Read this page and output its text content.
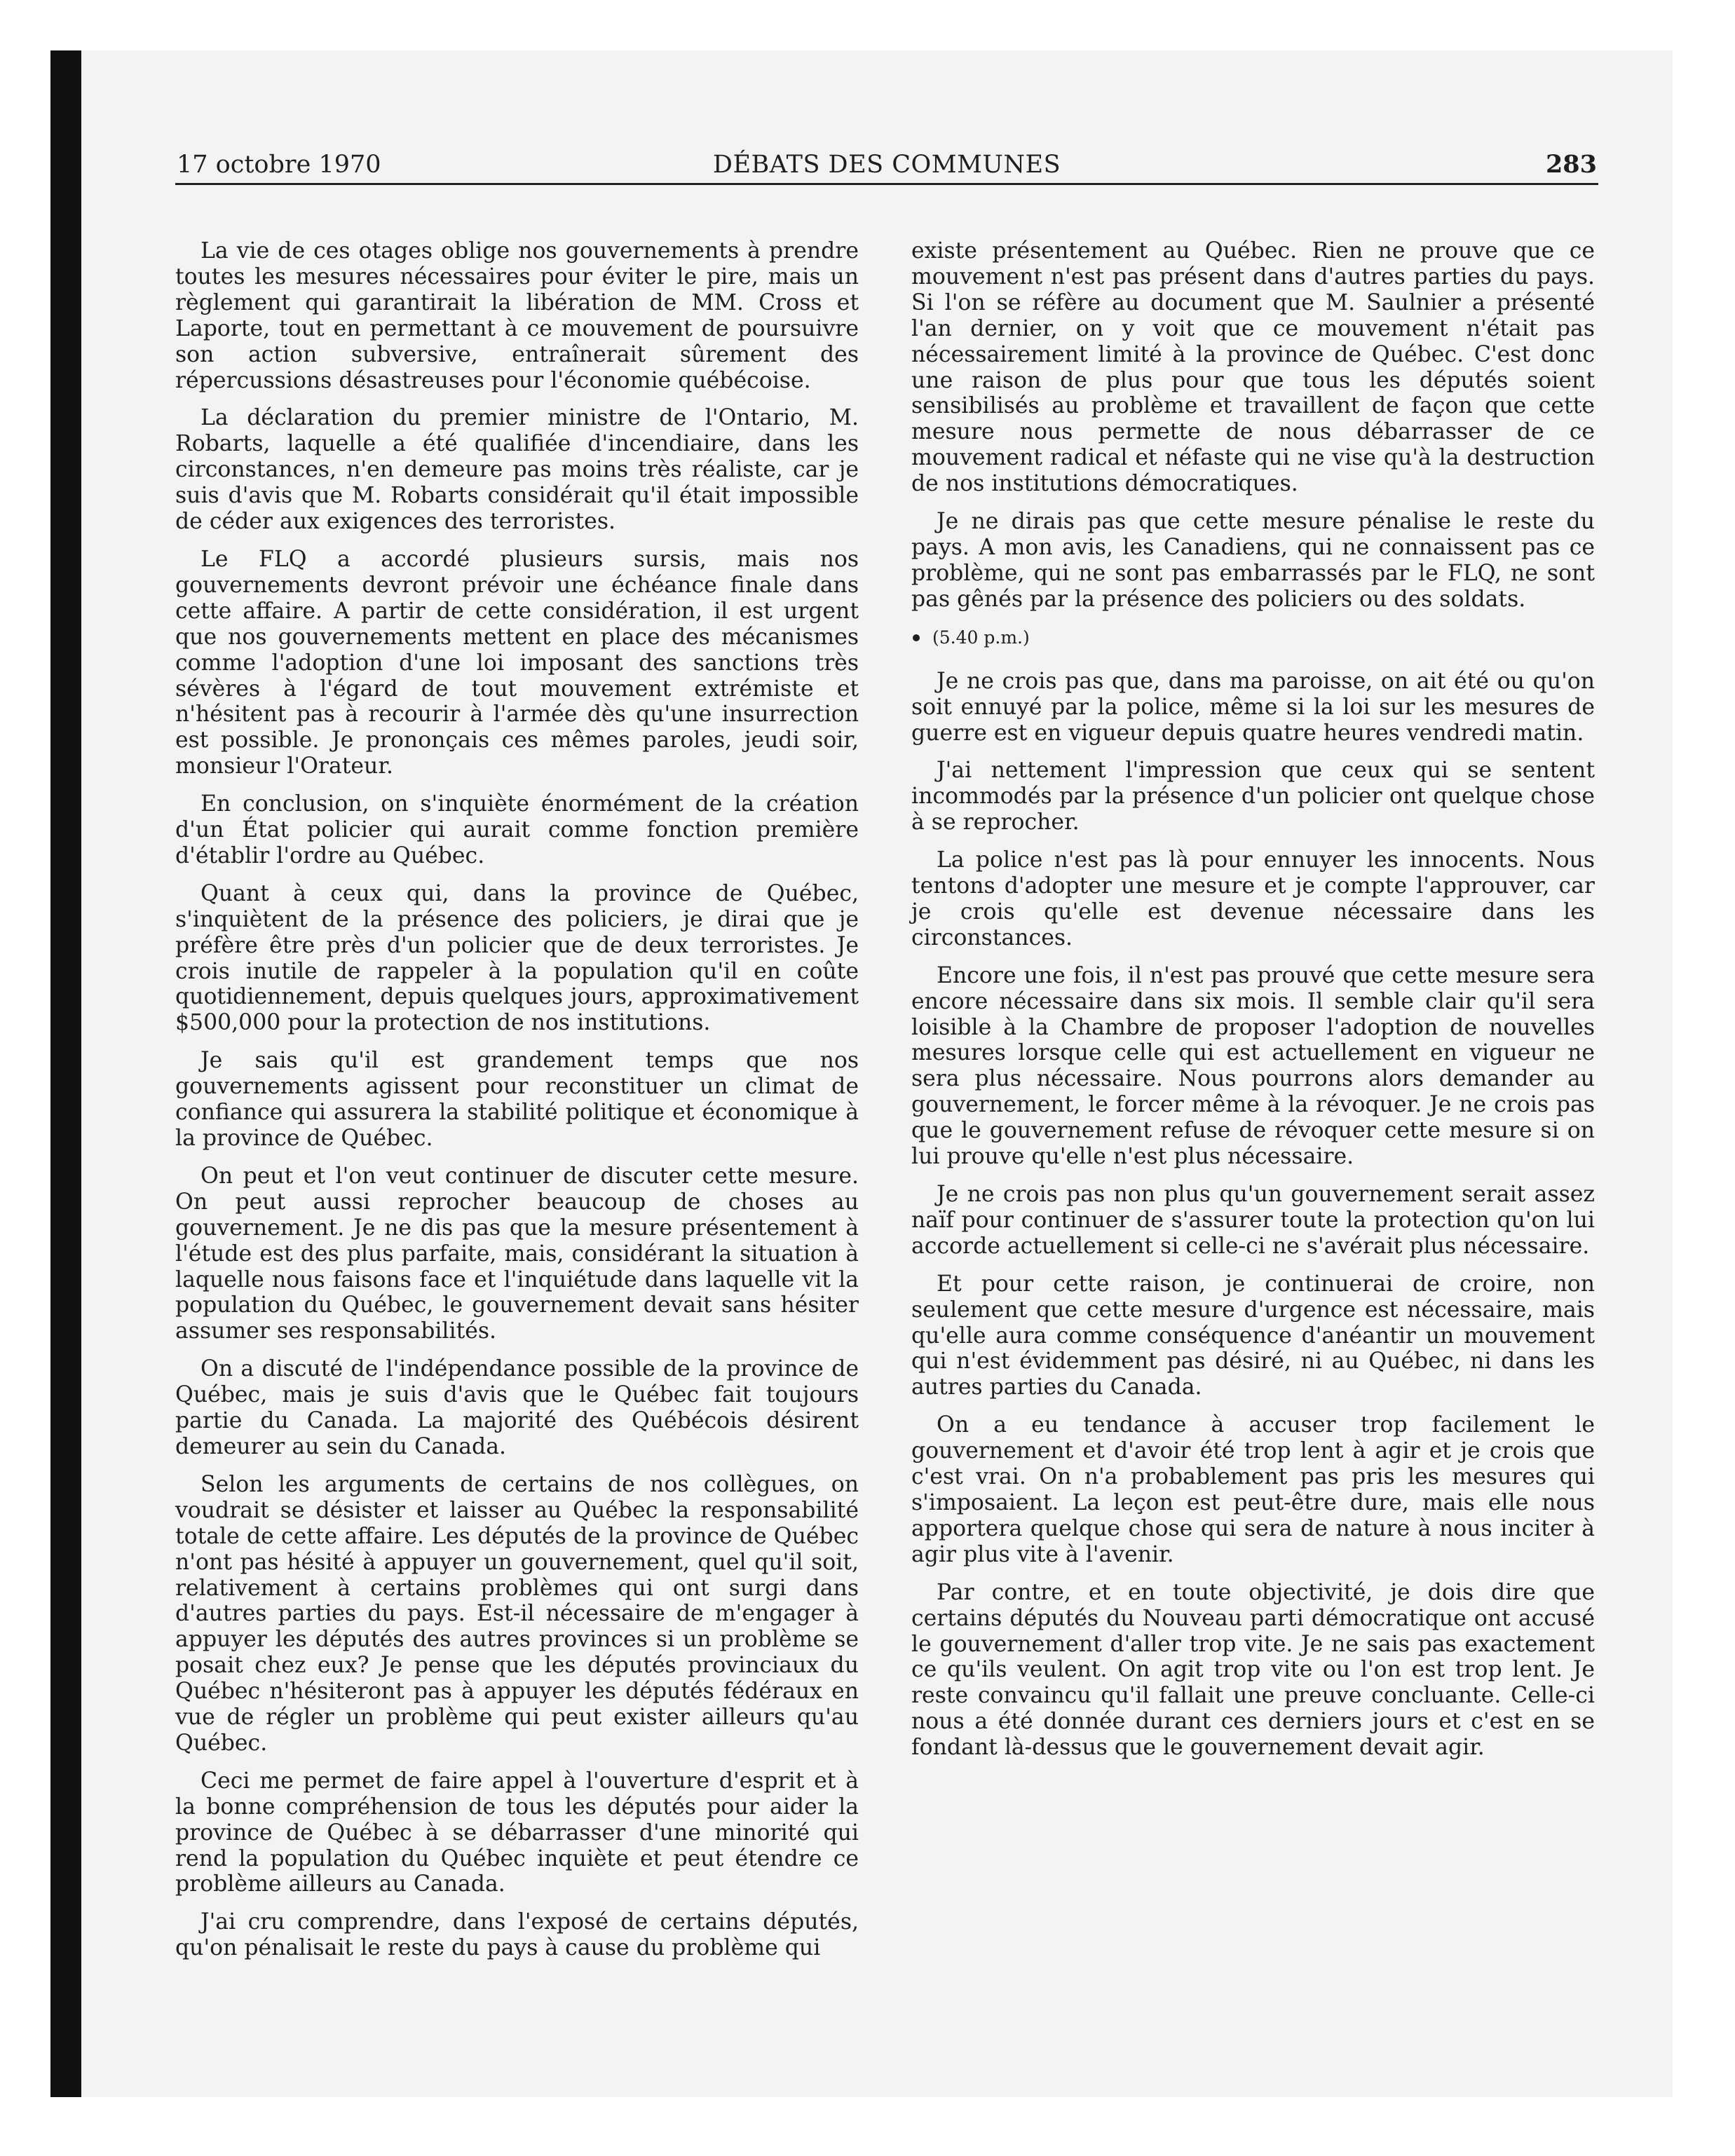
17 octobre 1970	DÉBATS DES COMMUNES	283

La vie de ces otages oblige nos gouvernements à prendre toutes les mesures nécessaires pour éviter le pire, mais un règlement qui garantirait la libération de MM. Cross et Laporte, tout en permettant à ce mouvement de poursuivre son action subversive, entraînerait sûrement des répercussions désastreuses pour l'économie québécoise.

La déclaration du premier ministre de l'Ontario, M. Robarts, laquelle a été qualifiée d'incendiaire, dans les circonstances, n'en demeure pas moins très réaliste, car je suis d'avis que M. Robarts considérait qu'il était impossible de céder aux exigences des terroristes.

Le FLQ a accordé plusieurs sursis, mais nos gouvernements devront prévoir une échéance finale dans cette affaire. A partir de cette considération, il est urgent que nos gouvernements mettent en place des mécanismes comme l'adoption d'une loi imposant des sanctions très sévères à l'égard de tout mouvement extrémiste et n'hésitent pas à recourir à l'armée dès qu'une insurrection est possible. Je prononçais ces mêmes paroles, jeudi soir, monsieur l'Orateur.

En conclusion, on s'inquiète énormément de la création d'un État policier qui aurait comme fonction première d'établir l'ordre au Québec.

Quant à ceux qui, dans la province de Québec, s'inquiètent de la présence des policiers, je dirai que je préfère être près d'un policier que de deux terroristes. Je crois inutile de rappeler à la population qu'il en coûte quotidiennement, depuis quelques jours, approximativement $500,000 pour la protection de nos institutions.

Je sais qu'il est grandement temps que nos gouvernements agissent pour reconstituer un climat de confiance qui assurera la stabilité politique et économique à la province de Québec.

On peut et l'on veut continuer de discuter cette mesure. On peut aussi reprocher beaucoup de choses au gouvernement. Je ne dis pas que la mesure présentement à l'étude est des plus parfaite, mais, considérant la situation à laquelle nous faisons face et l'inquiétude dans laquelle vit la population du Québec, le gouvernement devait sans hésiter assumer ses responsabilités.

On a discuté de l'indépendance possible de la province de Québec, mais je suis d'avis que le Québec fait toujours partie du Canada. La majorité des Québécois désirent demeurer au sein du Canada.

Selon les arguments de certains de nos collègues, on voudrait se désister et laisser au Québec la responsabilité totale de cette affaire. Les députés de la province de Québec n'ont pas hésité à appuyer un gouvernement, quel qu'il soit, relativement à certains problèmes qui ont surgi dans d'autres parties du pays. Est-il nécessaire de m'engager à appuyer les députés des autres provinces si un problème se posait chez eux? Je pense que les députés provinciaux du Québec n'hésiteront pas à appuyer les députés fédéraux en vue de régler un problème qui peut exister ailleurs qu'au Québec.

Ceci me permet de faire appel à l'ouverture d'esprit et à la bonne compréhension de tous les députés pour aider la province de Québec à se débarrasser d'une minorité qui rend la population du Québec inquiète et peut étendre ce problème ailleurs au Canada.

J'ai cru comprendre, dans l'exposé de certains députés, qu'on pénalisait le reste du pays à cause du problème qui

existe présentement au Québec. Rien ne prouve que ce mouvement n'est pas présent dans d'autres parties du pays. Si l'on se réfère au document que M. Saulnier a présenté l'an dernier, on y voit que ce mouvement n'était pas nécessairement limité à la province de Québec. C'est donc une raison de plus pour que tous les députés soient sensibilisés au problème et travaillent de façon que cette mesure nous permette de nous débarrasser de ce mouvement radical et néfaste qui ne vise qu'à la destruction de nos institutions démocratiques.

Je ne dirais pas que cette mesure pénalise le reste du pays. A mon avis, les Canadiens, qui ne connaissent pas ce problème, qui ne sont pas embarrassés par le FLQ, ne sont pas gênés par la présence des policiers ou des soldats.

(5.40 p.m.)

Je ne crois pas que, dans ma paroisse, on ait été ou qu'on soit ennuyé par la police, même si la loi sur les mesures de guerre est en vigueur depuis quatre heures vendredi matin.

J'ai nettement l'impression que ceux qui se sentent incommodés par la présence d'un policier ont quelque chose à se reprocher.

La police n'est pas là pour ennuyer les innocents. Nous tentons d'adopter une mesure et je compte l'approuver, car je crois qu'elle est devenue nécessaire dans les circonstances.

Encore une fois, il n'est pas prouvé que cette mesure sera encore nécessaire dans six mois. Il semble clair qu'il sera loisible à la Chambre de proposer l'adoption de nouvelles mesures lorsque celle qui est actuellement en vigueur ne sera plus nécessaire. Nous pourrons alors demander au gouvernement, le forcer même à la révoquer. Je ne crois pas que le gouvernement refuse de révoquer cette mesure si on lui prouve qu'elle n'est plus nécessaire.

Je ne crois pas non plus qu'un gouvernement serait assez naïf pour continuer de s'assurer toute la protection qu'on lui accorde actuellement si celle-ci ne s'avérait plus nécessaire.

Et pour cette raison, je continuerai de croire, non seulement que cette mesure d'urgence est nécessaire, mais qu'elle aura comme conséquence d'anéantir un mouvement qui n'est évidemment pas désiré, ni au Québec, ni dans les autres parties du Canada.

On a eu tendance à accuser trop facilement le gouvernement et d'avoir été trop lent à agir et je crois que c'est vrai. On n'a probablement pas pris les mesures qui s'imposaient. La leçon est peut-être dure, mais elle nous apportera quelque chose qui sera de nature à nous inciter à agir plus vite à l'avenir.

Par contre, et en toute objectivité, je dois dire que certains députés du Nouveau parti démocratique ont accusé le gouvernement d'aller trop vite. Je ne sais pas exactement ce qu'ils veulent. On agit trop vite ou l'on est trop lent. Je reste convaincu qu'il fallait une preuve concluante. Celle-ci nous a été donnée durant ces derniers jours et c'est en se fondant là-dessus que le gouvernement devait agir.
